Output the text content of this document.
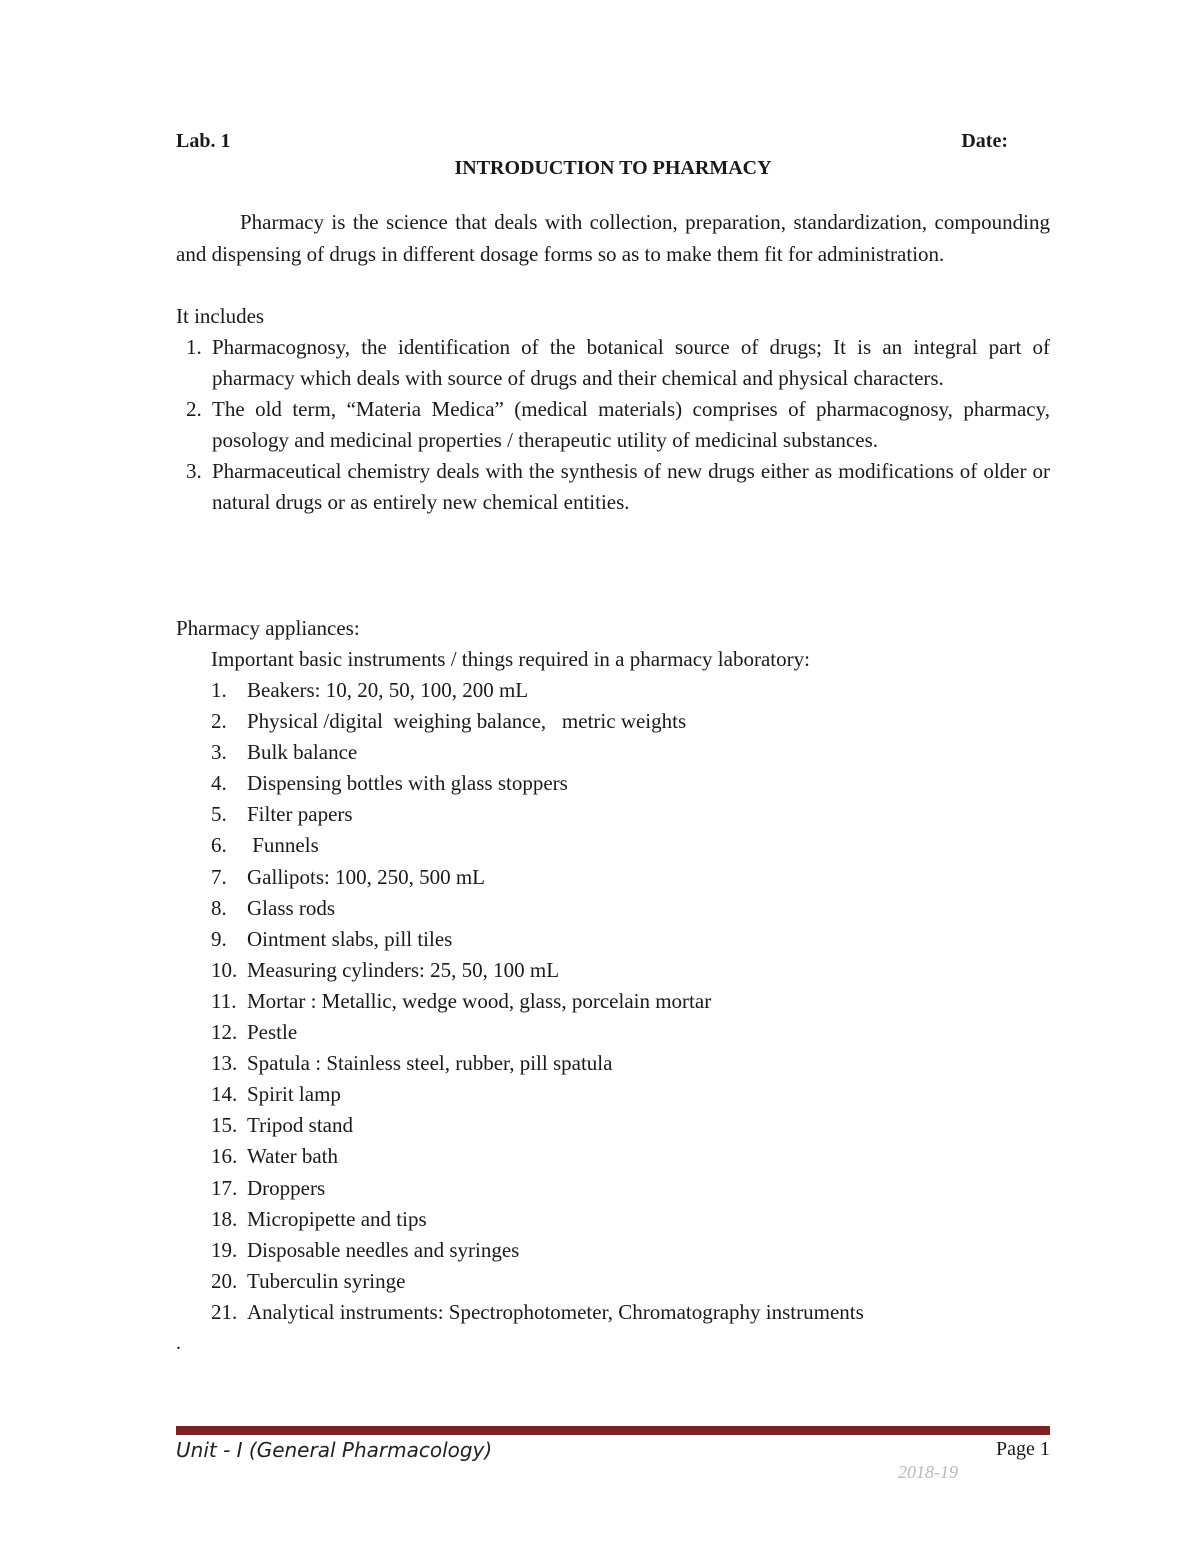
Lab. 1	Date:
INTRODUCTION TO PHARMACY

Pharmacy is the science that deals with collection, preparation, standardization, compounding and dispensing of drugs in different dosage forms so as to make them fit for administration.

It includes

1. Pharmacognosy, the identification of the botanical source of drugs; It is an integral part of pharmacy which deals with source of drugs and their chemical and physical characters.
2. The old term, “Materia Medica” (medical materials) comprises of pharmacognosy, pharmacy, posology and medicinal properties / therapeutic utility of medicinal substances.
3. Pharmaceutical chemistry deals with the synthesis of new drugs either as modifications of older or natural drugs or as entirely new chemical entities.

Pharmacy appliances:

Important basic instruments / things required in a pharmacy laboratory:

1. Beakers: 10, 20, 50, 100, 200 mL
2. Physical /digital  weighing balance,   metric weights
3. Bulk balance
4. Dispensing bottles with glass stoppers
5. Filter papers
6. Funnels
7. Gallipots: 100, 250, 500 mL
8. Glass rods
9. Ointment slabs, pill tiles
10. Measuring cylinders: 25, 50, 100 mL
11. Mortar : Metallic, wedge wood, glass, porcelain mortar
12. Pestle
13. Spatula : Stainless steel, rubber, pill spatula
14. Spirit lamp
15. Tripod stand
16. Water bath
17. Droppers
18. Micropipette and tips
19. Disposable needles and syringes
20. Tuberculin syringe
21. Analytical instruments: Spectrophotometer, Chromatography instruments
.
Unit - I (General Pharmacology)	Page 1
2018-19
